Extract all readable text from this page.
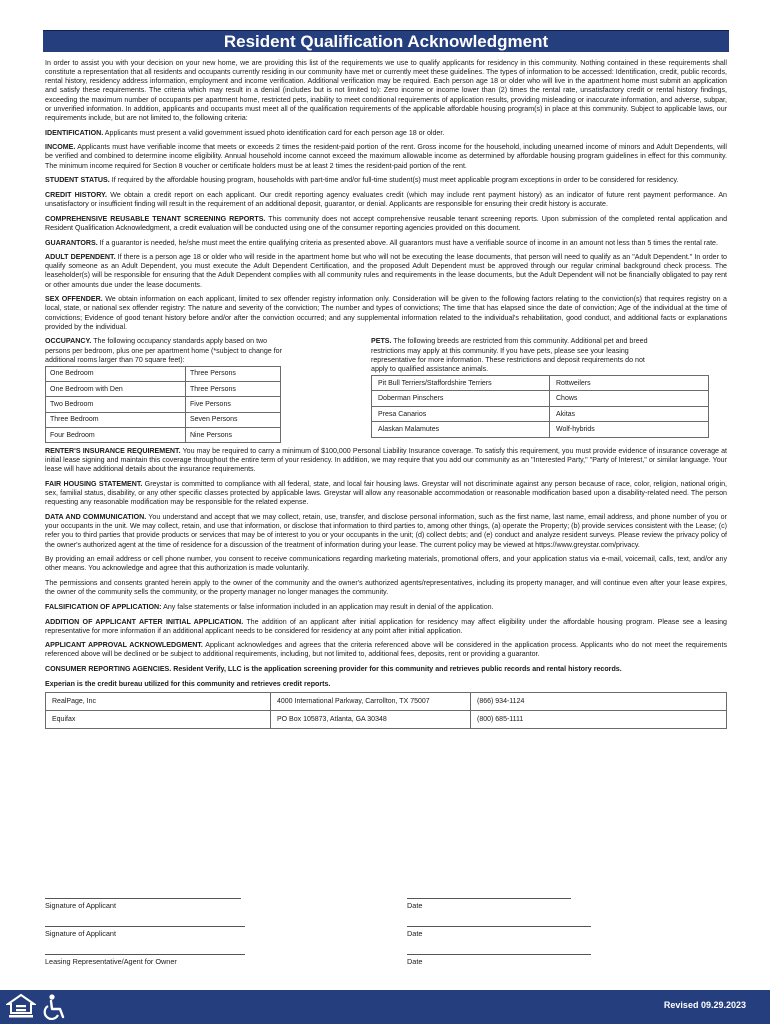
Resident Qualification Acknowledgment

In order to assist you with your decision on your new home, we are providing this list of the requirements we use to qualify applicants for residency in this community. Nothing contained in these requirements shall constitute a representation that all residents and occupants currently residing in our community have met or currently meet these guidelines. The types of information to be accessed: Identification, credit, public records, rental history, residency address information, employment and income verification. Additional verification may be required. Each person age 18 or older who will live in the apartment home must submit an application and satisfy these requirements. The criteria which may result in a denial (includes but is not limited to): Zero income or income lower than (2) times the rental rate, unsatisfactory credit or rental history findings, exceeding the maximum number of occupants per apartment home, restricted pets, inability to meet conditional requirements of application results, providing misleading or inaccurate information, and adverse, subpar, or unverified information. In addition, applicants and occupants must meet all of the qualification requirements of the applicable affordable housing program(s) in place at this community. Subject to applicable laws, our requirements include, but are not limited to, the following criteria:

IDENTIFICATION. Applicants must present a valid government issued photo identification card for each person age 18 or older.

INCOME. Applicants must have verifiable income that meets or exceeds 2 times the resident-paid portion of the rent. Gross income for the household, including unearned income of minors and Adult Dependents, will be verified and combined to determine income eligibility. Annual household income cannot exceed the maximum allowable income as determined by affordable housing program guidelines in effect for this community. The minimum income required for Section 8 voucher or certificate holders must be at least 2 times the resident-paid portion of the rent.

STUDENT STATUS. If required by the affordable housing program, households with part-time and/or full-time student(s) must meet applicable program exceptions in order to be considered for residency.

CREDIT HISTORY. We obtain a credit report on each applicant. Our credit reporting agency evaluates credit (which may include rent payment history) as an indicator of future rent payment performance. An unsatisfactory or insufficient finding will result in the requirement of an additional deposit, guarantor, or denial. Applicants are responsible for ensuring their credit history is accurate.

COMPREHENSIVE REUSABLE TENANT SCREENING REPORTS. This community does not accept comprehensive reusable tenant screening reports. Upon submission of the completed rental application and Resident Qualification Acknowledgment, a credit evaluation will be conducted using one of the consumer reporting agencies provided on this document.

GUARANTORS. If a guarantor is needed, he/she must meet the entire qualifying criteria as presented above. All guarantors must have a verifiable source of income in an amount not less than 5 times the rental rate.

ADULT DEPENDENT. If there is a person age 18 or older who will reside in the apartment home but who will not be executing the lease documents, that person will need to qualify as an "Adult Dependent." In order to qualify someone as an Adult Dependent, you must execute the Adult Dependent Certification, and the proposed Adult Dependent must be approved through our regular criminal background check process. The leaseholder(s) will be responsible for ensuring that the Adult Dependent complies with all community rules and requirements in the lease documents, but the Adult Dependent will not be financially obligated to pay rent or other amounts due under the lease documents.

SEX OFFENDER. We obtain information on each applicant, limited to sex offender registry information only. Consideration will be given to the following factors relating to the conviction(s) that requires registry on a local, state, or national sex offender registry: The nature and severity of the conviction; The number and types of convictions; The time that has elapsed since the date of conviction; Age of the individual at the time of convictions; Evidence of good tenant history before and/or after the conviction occurred; and any supplemental information related to the individual's rehabilitation, good conduct, and additional facts or explanations provided by the individual.

OCCUPANCY. The following occupancy standards apply based on two persons per bedroom, plus one per apartment home (*subject to change for additional rooms larger than 70 square feet):
One Bedroom	Three Persons
One Bedroom with Den	Three Persons
Two Bedroom	Five Persons
Three Bedroom	Seven Persons
Four Bedroom	Nine Persons
PETS. The following breeds are restricted from this community. Additional pet and breed restrictions may apply at this community. If you have pets, please see your leasing representative for more information. These restrictions and deposit requirements do not apply to qualified assistance animals.
Pit Bull Terriers/Staffordshire Terriers	Rottweilers
Doberman Pinschers	Chows
Presa Canarios	Akitas
Alaskan Malamutes	Wolf-hybrids

RENTER'S INSURANCE REQUIREMENT. You may be required to carry a minimum of $100,000 Personal Liability Insurance coverage. To satisfy this requirement, you must provide evidence of insurance coverage at initial lease signing and maintain this coverage throughout the entire term of your residency. In addition, we may require that you add our community as an "Interested Party," "Party of Interest," or similar language. Your lease will have additional details about the insurance requirements.

FAIR HOUSING STATEMENT. Greystar is committed to compliance with all federal, state, and local fair housing laws. Greystar will not discriminate against any person because of race, color, religion, national origin, sex, familial status, disability, or any other specific classes protected by applicable laws. Greystar will allow any reasonable accommodation or reasonable modification based upon a disability-related need. The person requesting any reasonable modification may be responsible for the related expense.

DATA AND COMMUNICATION. You understand and accept that we may collect, retain, use, transfer, and disclose personal information, such as the first name, last name, email address, and phone number of you or your occupants in the unit. We may collect, retain, and use that information, or disclose that information to third parties to, among other things, (a) operate the Property; (b) provide services consistent with the Lease; (c) refer you to third parties that provide products or services that may be of interest to you or your occupants in the unit; (d) collect debts; and (e) conduct and analyze resident surveys. Please review the privacy policy of the owner's authorized agent at the time of residence for a discussion of the treatment of information during your lease. The current policy may be viewed at https://www.greystar.com/privacy.

By providing an email address or cell phone number, you consent to receive communications regarding marketing materials, promotional offers, and your application status via e-mail, voicemail, calls, text, and/or any other means. You acknowledge and agree that this authorization is made voluntarily.

The permissions and consents granted herein apply to the owner of the community and the owner's authorized agents/representatives, including its property manager, and will continue even after your lease expires, the owner of the community sells the community, or the property manager no longer manages the community.

FALSIFICATION OF APPLICATION: Any false statements or false information included in an application may result in denial of the application.

ADDITION OF APPLICANT AFTER INITIAL APPLICATION. The addition of an applicant after initial application for residency may affect eligibility under the affordable housing program. Please see a leasing representative for more information if an additional applicant needs to be considered for residency at any point after initial application.

APPLICANT APPROVAL ACKNOWLEDGMENT. Applicant acknowledges and agrees that the criteria referenced above will be considered in the application process. Applicants who do not meet the requirements referenced above will be declined or be subject to additional requirements, including, but not limited to, additional fees, deposits, rent or providing a guarantor.

CONSUMER REPORTING AGENCIES. Resident Verify, LLC is the application screening provider for this community and retrieves public records and rental history records.

Experian is the credit bureau utilized for this community and retrieves credit reports.

RealPage, Inc	4000 International Parkway, Carrollton, TX 75007	(866) 934-1124
Equifax	PO Box 105873, Atlanta, GA 30348	(800) 685-1111
Signature of Applicant	Date
Signature of Applicant	Date
Leasing Representative/Agent for Owner	Date
Revised 09.29.2023
